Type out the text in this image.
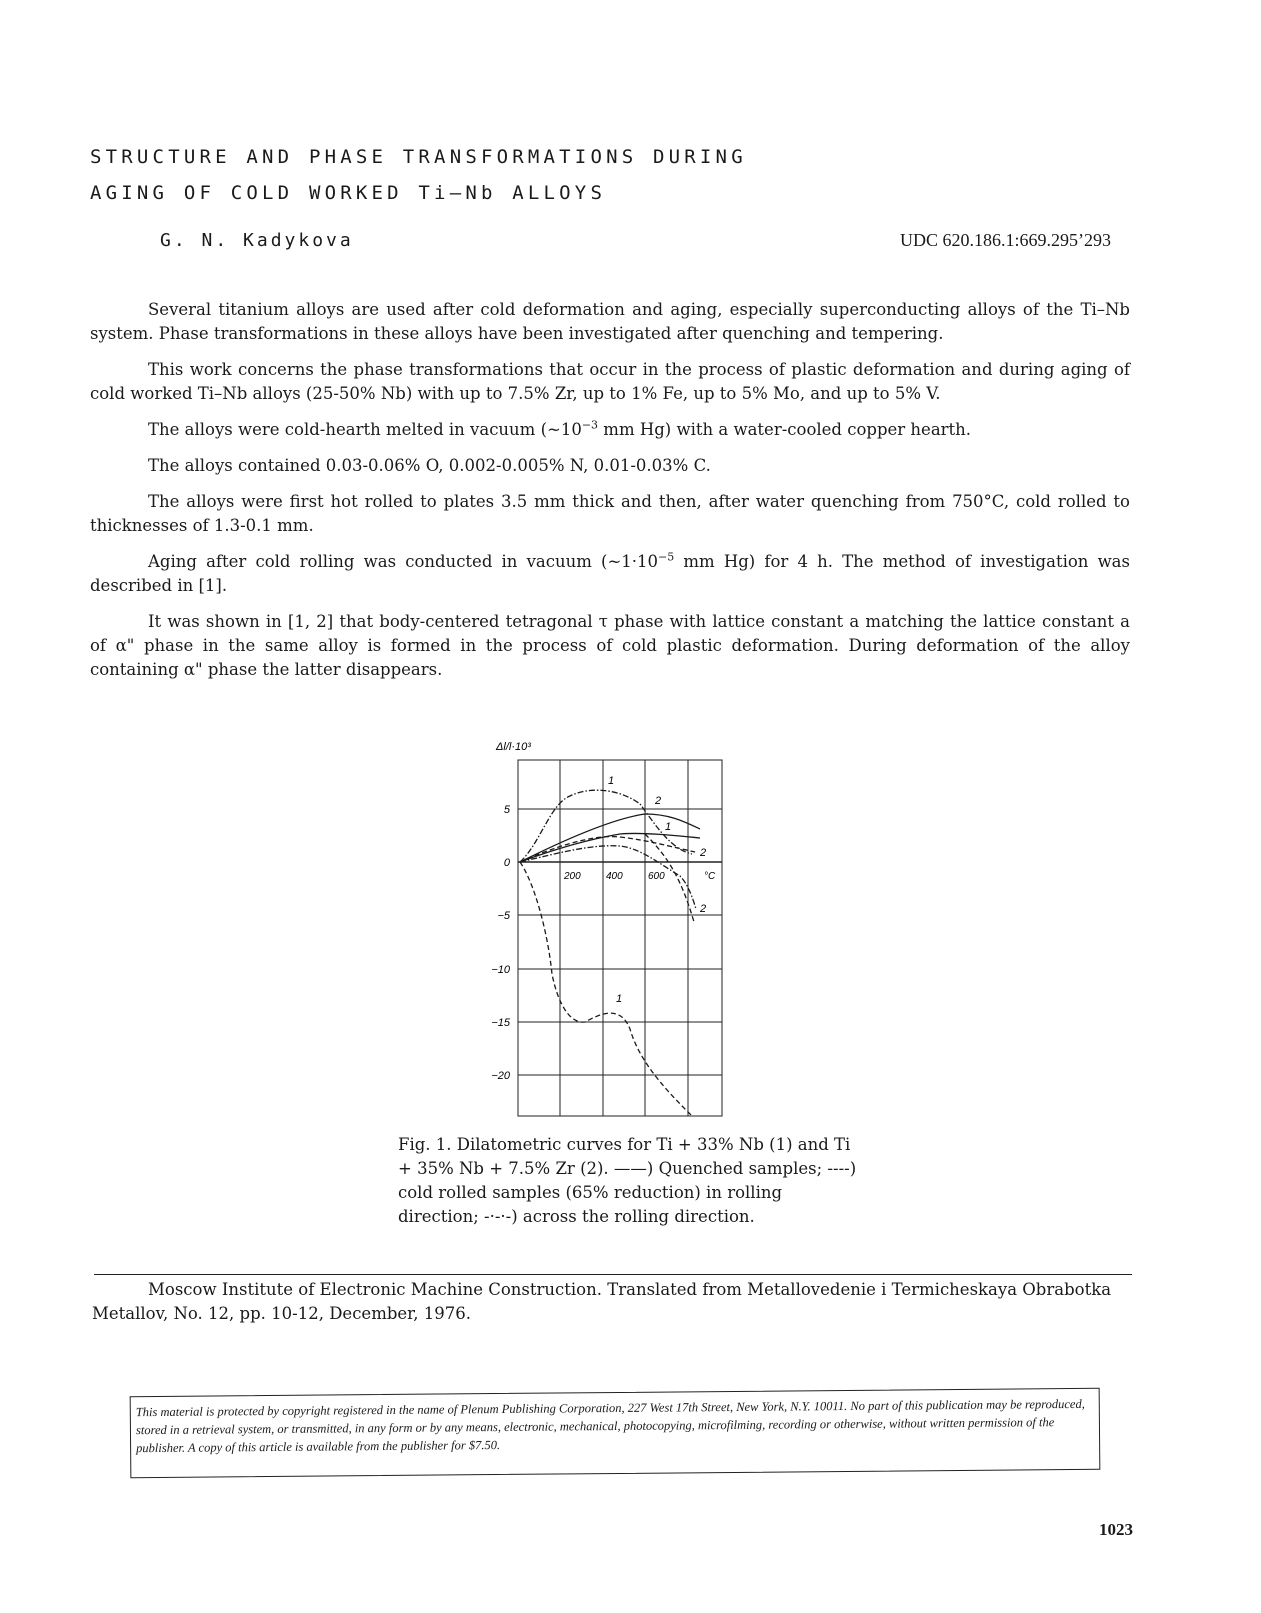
STRUCTURE AND PHASE TRANSFORMATIONS DURING
AGING OF COLD WORKED Ti–Nb ALLOYS
G. N. Kadykova	UDC 620.186.1:669.295’293

Several titanium alloys are used after cold deformation and aging, especially superconducting alloys of the Ti–Nb system. Phase transformations in these alloys have been investigated after quenching and tempering.

This work concerns the phase transformations that occur in the process of plastic deformation and during aging of cold worked Ti–Nb alloys (25-50% Nb) with up to 7.5% Zr, up to 1% Fe, up to 5% Mo, and up to 5% V.

The alloys were cold-hearth melted in vacuum ($\sim 10^{-3}$ mm Hg) with a water-cooled copper hearth.

The alloys contained 0.03-0.06% O, 0.002-0.005% N, 0.01-0.03% C.

The alloys were first hot rolled to plates 3.5 mm thick and then, after water quenching from 750°C, cold rolled to thicknesses of 1.3-0.1 mm.

Aging after cold rolling was conducted in vacuum ($\sim 1\cdot 10^{-5}$ mm Hg) for 4 h. The method of investigation was described in [1].

It was shown in [1, 2] that body-centered tetragonal τ phase with lattice constant a matching the lattice constant a of α" phase in the same alloy is formed in the process of cold plastic deformation. During deformation of the alloy containing α" phase the latter disappears.

Δl/l·10³
5
0
−5
−10
−15
−20
200	400	600	°C
1
2
1
2
2
1
Fig. 1. Dilatometric curves for Ti + 33% Nb (1) and Ti + 35% Nb + 7.5% Zr (2). ——) Quenched samples; ----) cold rolled samples (65% reduction) in rolling direction; -·-·-) across the rolling direction.
Moscow Institute of Electronic Machine Construction. Translated from Metallovedenie i Termicheskaya Obrabotka Metallov, No. 12, pp. 10-12, December, 1976.
This material is protected by copyright registered in the name of Plenum Publishing Corporation, 227 West 17th Street, New York, N.Y. 10011. No part of this publication may be reproduced, stored in a retrieval system, or transmitted, in any form or by any means, electronic, mechanical, photocopying, microfilming, recording or otherwise, without written permission of the publisher. A copy of this article is available from the publisher for $7.50.
1023
